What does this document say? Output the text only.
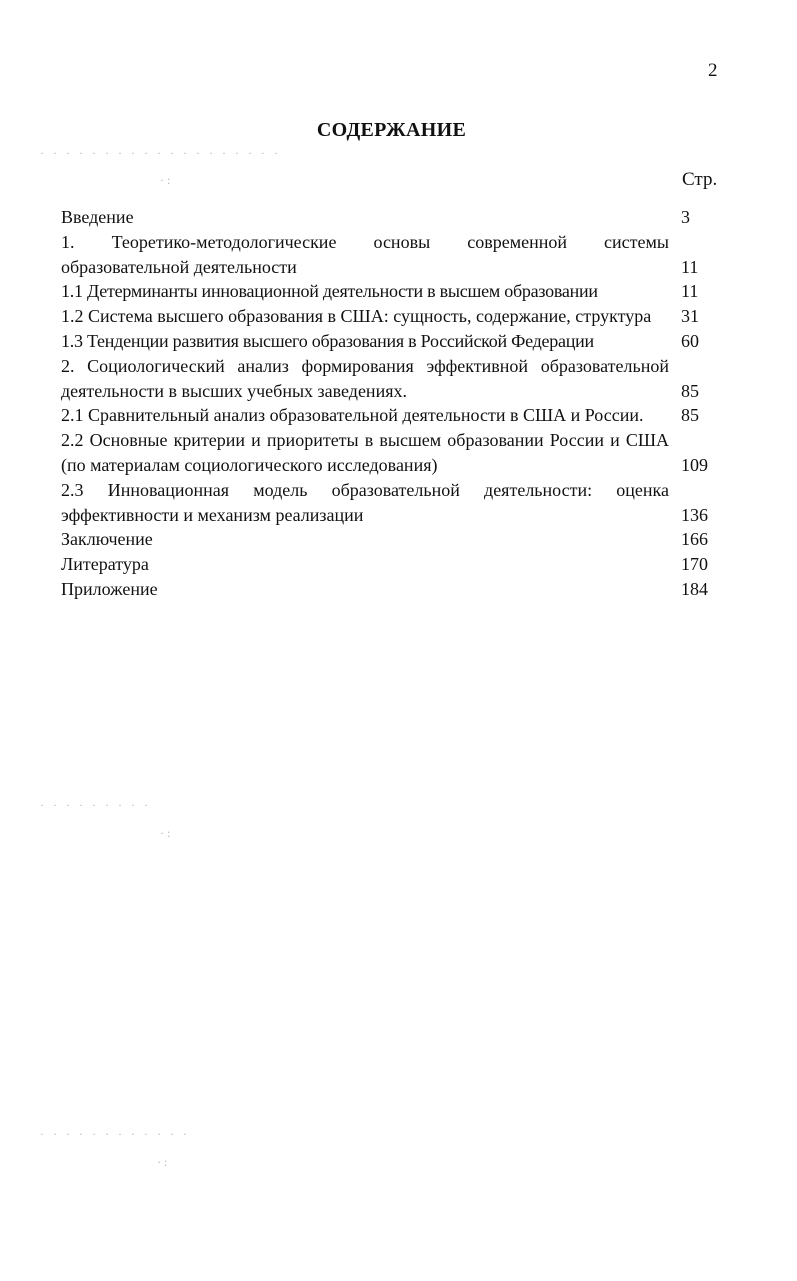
2
СОДЕРЖАНИЕ
Стр.
Введение	3
1. Теоретико-методологические основы современной системы образовательной деятельности	11
1.1 Детерминанты инновационной деятельности в высшем образовании	11
1.2 Система высшего образования в США: сущность, содержание, структура	31
1.3 Тенденции развития высшего образования в Российской Федерации	60
2. Социологический анализ формирования эффективной образовательной деятельности в высших учебных заведениях.	85
2.1 Сравнительный анализ образовательной деятельности в США и России.	85
2.2 Основные критерии и приоритеты в высшем образовании России и США (по материалам социологического исследования)	109
2.3 Инновационная модель образовательной деятельности: оценка эффективности и механизм реализации	136
Заключение	166
Литература	170
Приложение	184
· · · · · · · · · · · · · · · · · · ·
·:
· · · · · · · · ·
·:
· · · · · · · · · · · ·
·:
